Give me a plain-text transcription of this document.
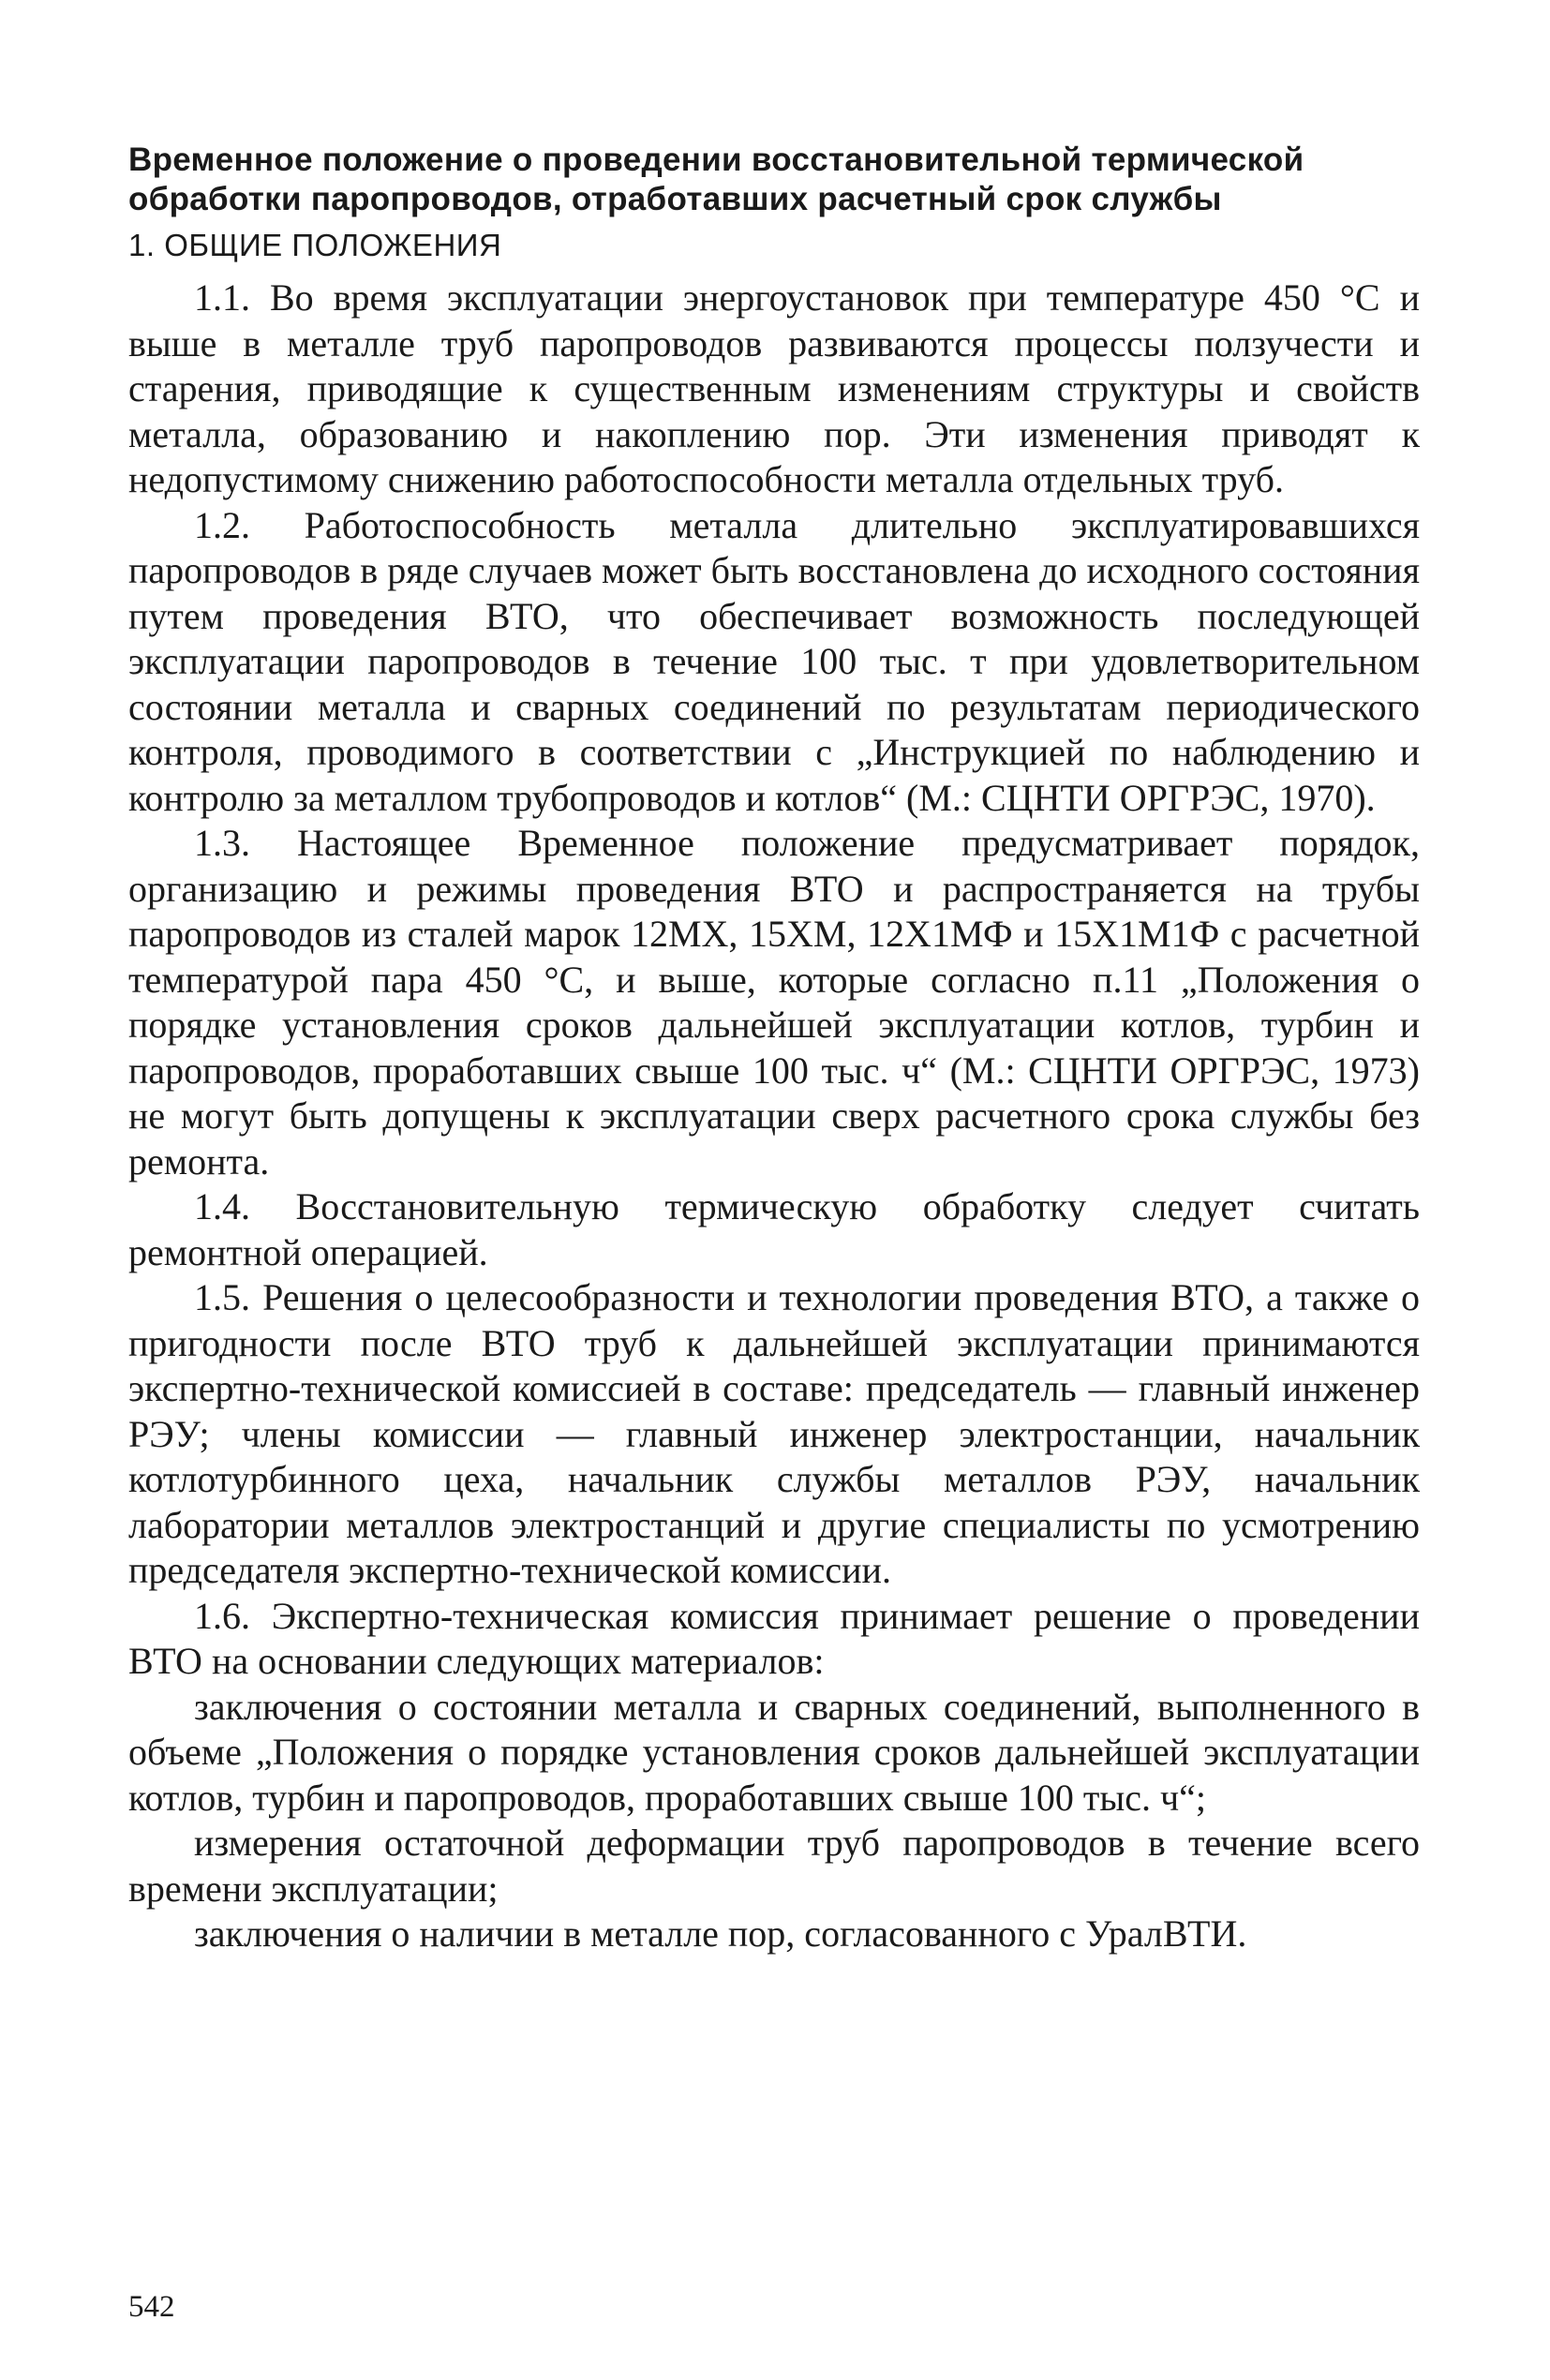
Временное положение о проведении восстановительной термической обработки паропроводов, отработавших расчетный срок службы
1. ОБЩИЕ ПОЛОЖЕНИЯ

1.1. Во время эксплуатации энергоустановок при температуре 450 °С и выше в металле труб паропроводов развиваются процессы ползучести и старения, приводящие к существенным изменениям структуры и свойств металла, образованию и накоплению пор. Эти изменения приводят к недопустимому снижению работоспособности металла отдельных труб.

1.2. Работоспособность металла длительно эксплуатировавшихся паропроводов в ряде случаев может быть восстановлена до исходного состояния путем проведения ВТО, что обеспечивает возможность последующей эксплуатации паропроводов в течение 100 тыс. т при удовлетворительном состоянии металла и сварных соединений по результатам периодического контроля, проводимого в соответствии с „Инструкцией по наблюдению и контролю за металлом трубопроводов и котлов“ (М.: СЦНТИ ОРГРЭС, 1970).

1.3. Настоящее Временное положение предусматривает порядок, организацию и режимы проведения ВТО и распространяется на трубы паропроводов из сталей марок 12МХ, 15ХМ, 12Х1МФ и 15Х1М1Ф с расчетной температурой пара 450 °С, и выше, которые согласно п.11 „Положения о порядке установления сроков дальнейшей эксплуатации котлов, турбин и паропроводов, проработавших свыше 100 тыс. ч“ (М.: СЦНТИ ОРГРЭС, 1973) не могут быть допущены к эксплуатации сверх расчетного срока службы без ремонта.

1.4. Восстановительную термическую обработку следует считать ремонтной операцией.

1.5. Решения о целесообразности и технологии проведения ВТО, а также о пригодности после ВТО труб к дальнейшей эксплуатации принимаются экспертно-технической комиссией в составе: председатель — главный инженер РЭУ; члены комиссии — главный инженер электростанции, начальник котлотурбинного цеха, начальник службы металлов РЭУ, начальник лаборатории металлов электростанций и другие специалисты по усмотрению председателя экспертно-технической комиссии.

1.6. Экспертно-техническая комиссия принимает решение о проведении ВТО на основании следующих материалов:

заключения о состоянии металла и сварных соединений, выполненного в объеме „Положения о порядке установления сроков дальнейшей эксплуатации котлов, турбин и паропроводов, проработавших свыше 100 тыс. ч“;

измерения остаточной деформации труб паропроводов в течение всего времени эксплуатации;

заключения о наличии в металле пор, согласованного с УралВТИ.

542
